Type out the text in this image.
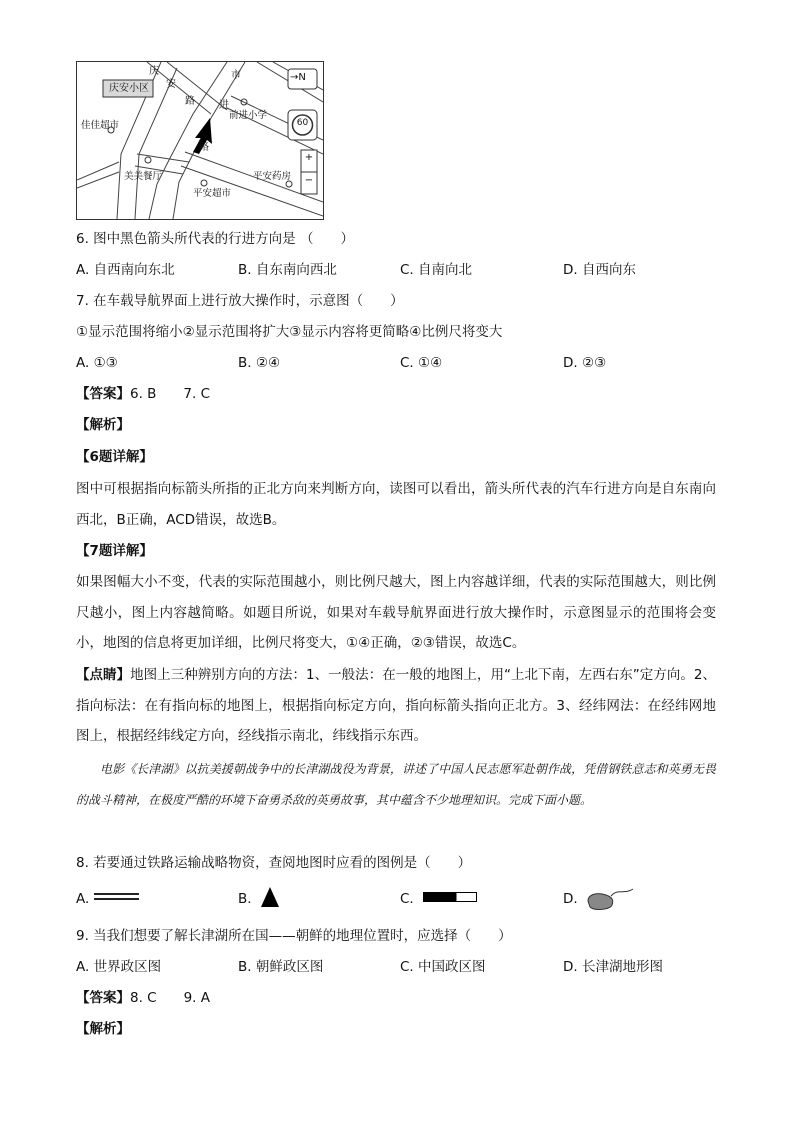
庆安小区
庆
安
路
市
进
路
→N
60
+
−
前进小学
佳佳超市
美美餐厅	平安药房
平安超市
6. 图中黑色箭头所代表的行进方向是 （　　）
A. 自西南向东北	B. 自东南向西北	C. 自南向北	D. 自西向东
7. 在车载导航界面上进行放大操作时，示意图（　　）
①显示范围将缩小②显示范围将扩大③显示内容将更简略④比例尺将变大
A. ①③	B. ②④	C. ①④	D. ②③
【答案】6. B　　7. C
【解析】
【6题详解】
图中可根据指向标箭头所指的正北方向来判断方向，读图可以看出，箭头所代表的汽车行进方向是自东南向西北，B正确，ACD错误，故选B。
【7题详解】
如果图幅大小不变，代表的实际范围越小，则比例尺越大，图上内容越详细，代表的实际范围越大，则比例尺越小，图上内容越简略。如题目所说，如果对车载导航界面进行放大操作时，示意图显示的范围将会变小，地图的信息将更加详细，比例尺将变大，①④正确，②③错误，故选C。
【点睛】地图上三种辨别方向的方法：1、一般法：在一般的地图上，用“上北下南，左西右东”定方向。2、指向标法：在有指向标的地图上，根据指向标定方向，指向标箭头指向正北方。3、经纬网法：在经纬网地图上，根据经纬线定方向，经线指示南北，纬线指示东西。
电影《长津湖》以抗美援朝战争中的长津湖战役为背景，讲述了中国人民志愿军赴朝作战，凭借钢铁意志和英勇无畏的战斗精神，在极度严酷的环境下奋勇杀敌的英勇故事，其中蕴含不少地理知识。完成下面小题。
8. 若要通过铁路运输战略物资，查阅地图时应看的图例是（　　）
A.	B.	C.	D.
9. 当我们想要了解长津湖所在国——朝鲜的地理位置时，应选择（　　）
A. 世界政区图	B. 朝鲜政区图	C. 中国政区图	D. 长津湖地形图
【答案】8. C　　9. A
【解析】
